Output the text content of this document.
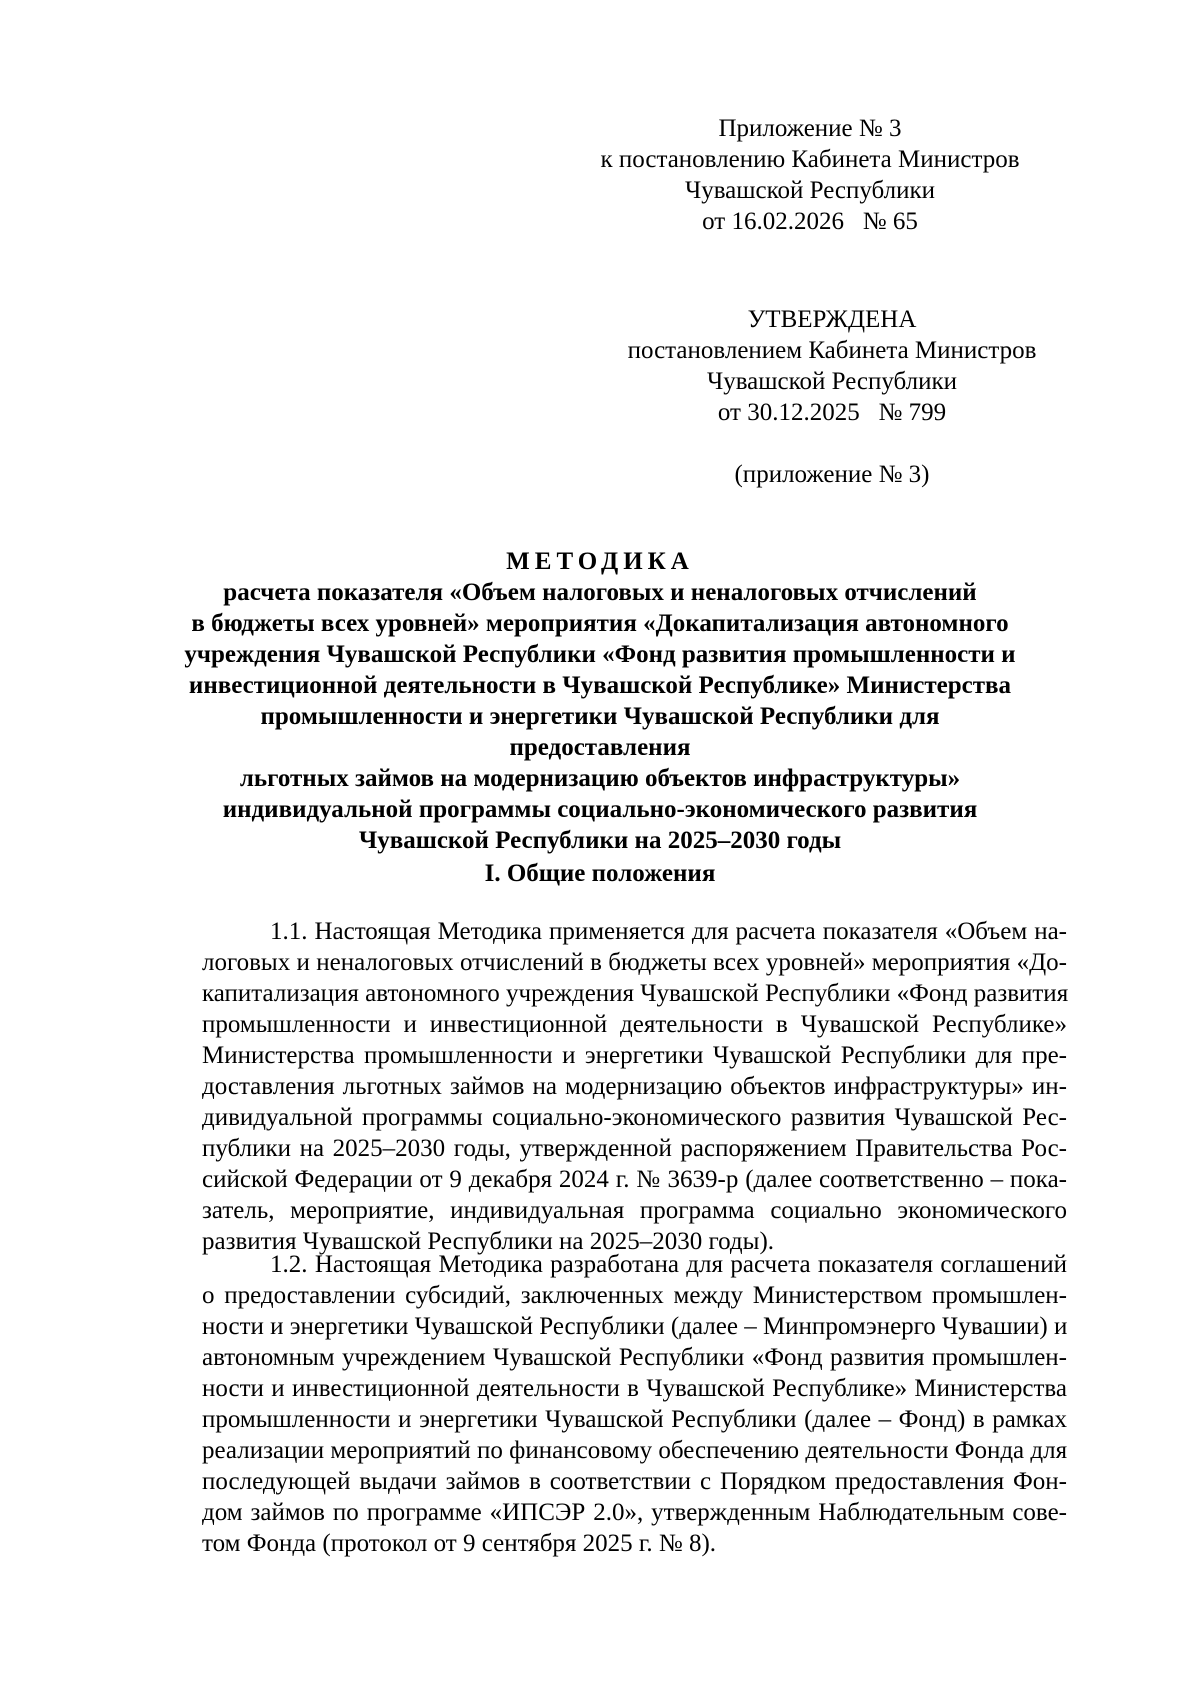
Приложение № 3
к постановлению Кабинета Министров
Чувашской Республики
от 16.02.2026   № 65
УТВЕРЖДЕНА
постановлением Кабинета Министров
Чувашской Республики
от 30.12.2025   № 799
(приложение № 3)
МЕТОДИКА
расчета показателя «Объем налоговых и неналоговых отчислений
в бюджеты всех уровней» мероприятия «Докапитализация автономного
учреждения Чувашской Республики «Фонд развития промышленности и
инвестиционной деятельности в Чувашской Республике» Министерства
промышленности и энергетики Чувашской Республики для предоставления
льготных займов на модернизацию объектов инфраструктуры»
индивидуальной программы социально-экономического развития
Чувашской Республики на 2025–2030 годы
I. Общие положения
1.1. Настоящая Методика применяется для расчета показателя «Объем на-
логовых и неналоговых отчислений в бюджеты всех уровней» мероприятия «До-
капитализация автономного учреждения Чувашской Республики «Фонд развития
промышленности и инвестиционной деятельности в Чувашской Республике»
Министерства промышленности и энергетики Чувашской Республики для пре-
доставления льготных займов на модернизацию объектов инфраструктуры» ин-
дивидуальной программы социально-экономического развития Чувашской Рес-
публики на 2025–2030 годы, утвержденной распоряжением Правительства Рос-
сийской Федерации от 9 декабря 2024 г. № 3639-р (далее соответственно – пока-
затель, мероприятие, индивидуальная программа социально экономического
развития Чувашской Республики на 2025–2030 годы).
1.2. Настоящая Методика разработана для расчета показателя соглашений
о предоставлении субсидий, заключенных между Министерством промышлен-
ности и энергетики Чувашской Республики (далее – Минпромэнерго Чувашии) и
автономным учреждением Чувашской Республики «Фонд развития промышлен-
ности и инвестиционной деятельности в Чувашской Республике» Министерства
промышленности и энергетики Чувашской Республики (далее – Фонд) в рамках
реализации мероприятий по финансовому обеспечению деятельности Фонда для
последующей выдачи займов в соответствии с Порядком предоставления Фон-
дом займов по программе «ИПСЭР 2.0», утвержденным Наблюдательным сове-
том Фонда (протокол от 9 сентября 2025 г. № 8).
